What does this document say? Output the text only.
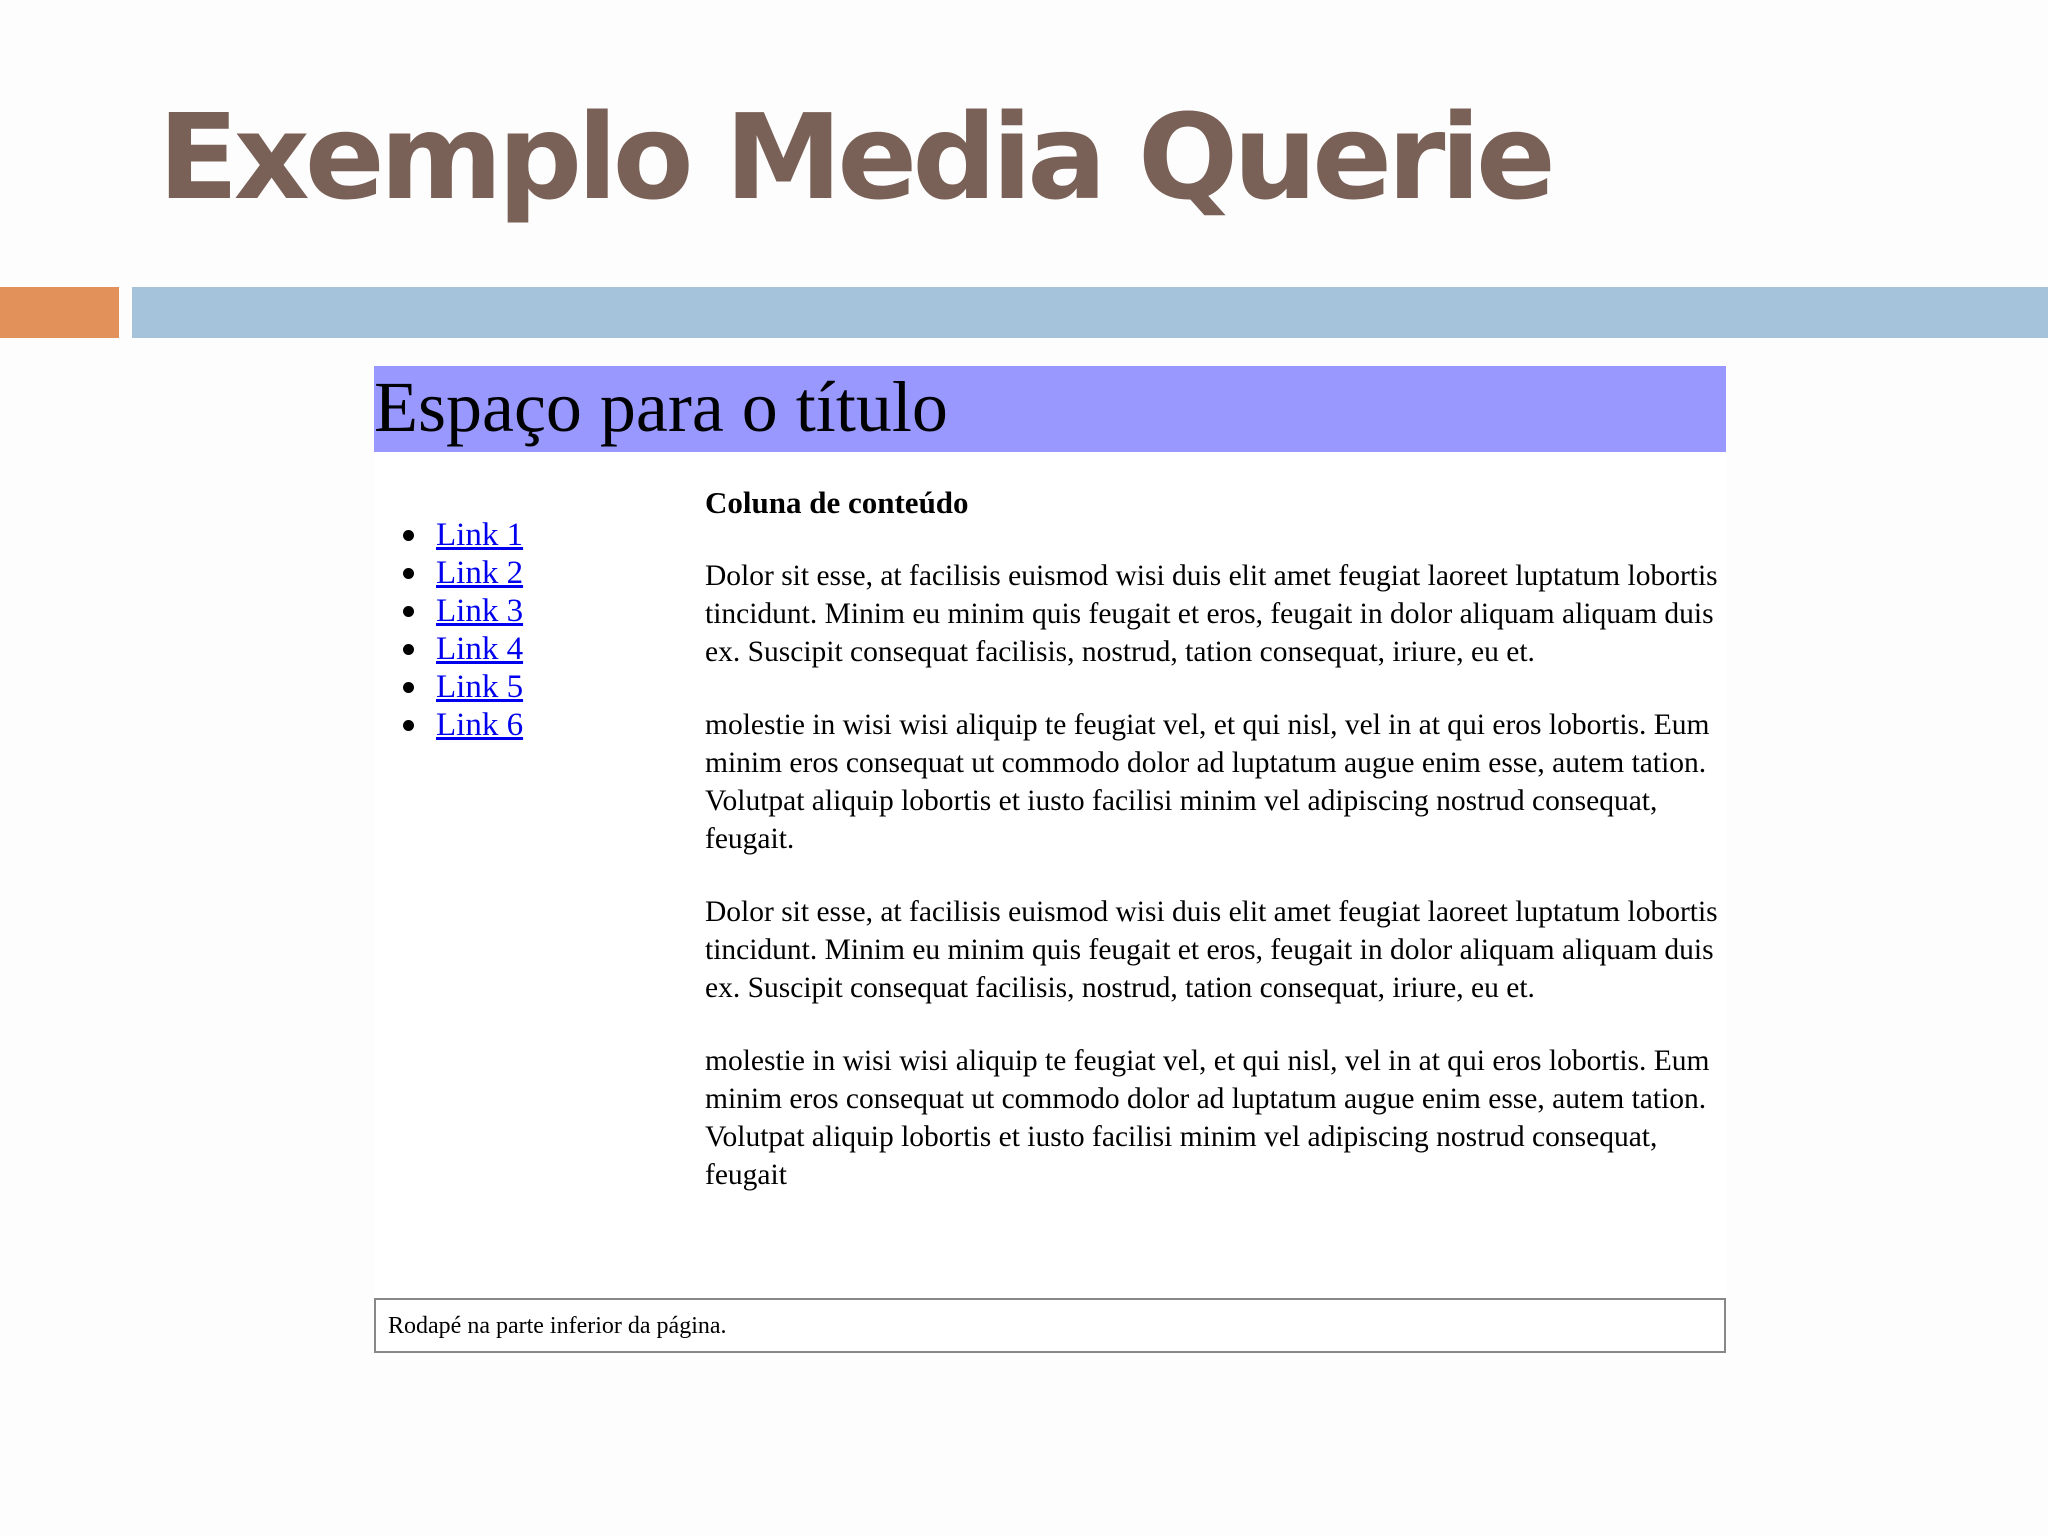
Exemplo Media Querie
Espaço para o título
Link 1
Link 2
Link 3
Link 4
Link 5
Link 6
Coluna de conteúdo

Dolor sit esse, at facilisis euismod wisi duis elit amet feugiat laoreet luptatum lobortis tincidunt. Minim eu minim quis feugait et eros, feugait in dolor aliquam aliquam duis ex. Suscipit consequat facilisis, nostrud, tation consequat, iriure, eu et.

molestie in wisi wisi aliquip te feugiat vel, et qui nisl, vel in at qui eros lobortis. Eum minim eros consequat ut commodo dolor ad luptatum augue enim esse, autem tation. Volutpat aliquip lobortis et iusto facilisi minim vel adipiscing nostrud consequat, feugait.

Dolor sit esse, at facilisis euismod wisi duis elit amet feugiat laoreet luptatum lobortis tincidunt. Minim eu minim quis feugait et eros, feugait in dolor aliquam aliquam duis ex. Suscipit consequat facilisis, nostrud, tation consequat, iriure, eu et.

molestie in wisi wisi aliquip te feugiat vel, et qui nisl, vel in at qui eros lobortis. Eum minim eros consequat ut commodo dolor ad luptatum augue enim esse, autem tation. Volutpat aliquip lobortis et iusto facilisi minim vel adipiscing nostrud consequat, feugait

Rodapé na parte inferior da página.
